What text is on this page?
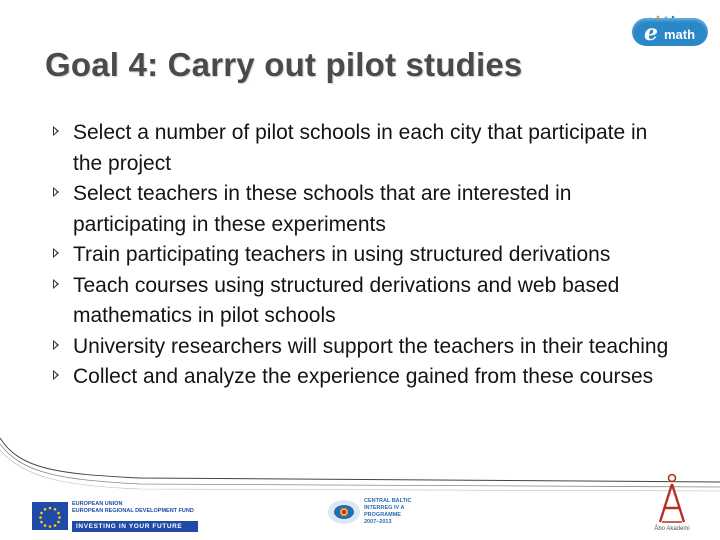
e math
Goal 4: Carry out pilot studies
Select a number of pilot schools in each city that participate in the project
Select teachers in these schools that are interested in participating in these experiments
Train participating teachers in using structured derivations
Teach courses using structured derivations and web based mathematics in pilot schools
University researchers will support the teachers in their teaching
Collect and analyze the experience gained from these courses
EUROPEAN UNION
EUROPEAN REGIONAL DEVELOPMENT FUND
INVESTING IN YOUR FUTURE
CENTRAL BALTIC
INTERREG IV A
PROGRAMME
2007–2013
Åbo Akademi
